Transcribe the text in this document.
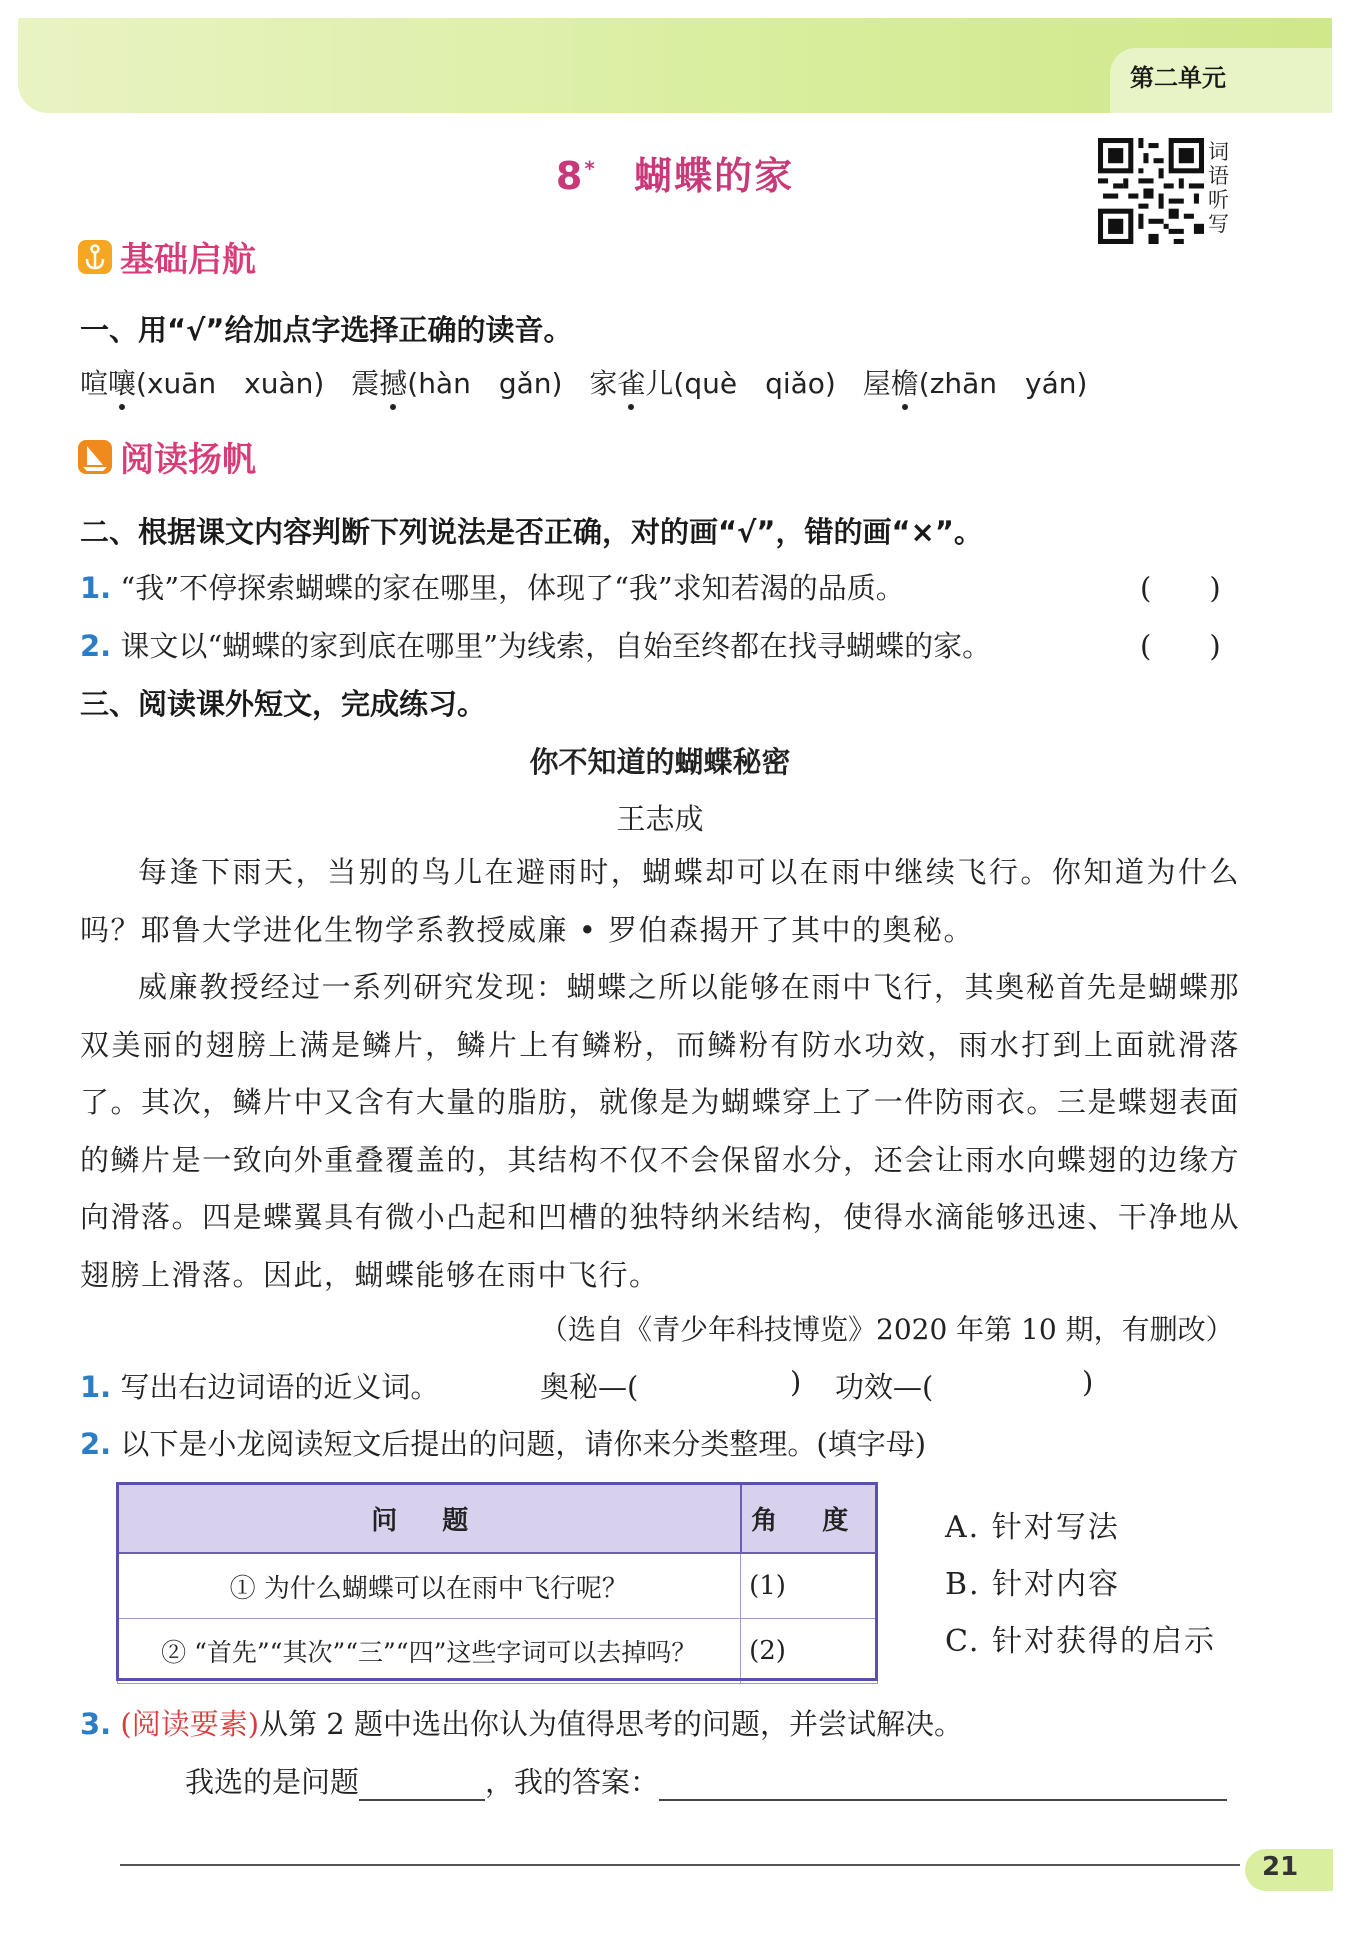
第二单元
8* 蝴蝶的家
词语听写
基础启航
一、用“√”给加点字选择正确的读音。
喧嚷(xuān　xuàn) 震撼(hàn　gǎn) 家雀儿(què　qiǎo) 屋檐(zhān　yán)
阅读扬帆
二、根据课文内容判断下列说法是否正确，对的画“√”，错的画“×”。
1. “我”不停探索蝴蝶的家在哪里，体现了“我”求知若渴的品质。	(　　)
2. 课文以“蝴蝶的家到底在哪里”为线索，自始至终都在找寻蝴蝶的家。	(　　)
三、阅读课外短文，完成练习。
你不知道的蝴蝶秘密
王志成

每逢下雨天，当别的鸟儿在避雨时，蝴蝶却可以在雨中继续飞行。你知道为什么吗？耶鲁大学进化生物学系教授威廉 • 罗伯森揭开了其中的奥秘。

威廉教授经过一系列研究发现：蝴蝶之所以能够在雨中飞行，其奥秘首先是蝴蝶那双美丽的翅膀上满是鳞片，鳞片上有鳞粉，而鳞粉有防水功效，雨水打到上面就滑落了。其次，鳞片中又含有大量的脂肪，就像是为蝴蝶穿上了一件防雨衣。三是蝶翅表面的鳞片是一致向外重叠覆盖的，其结构不仅不会保留水分，还会让雨水向蝶翅的边缘方向滑落。四是蝶翼具有微小凸起和凹槽的独特纳米结构，使得水滴能够迅速、干净地从翅膀上滑落。因此，蝴蝶能够在雨中飞行。

（选自《青少年科技博览》2020 年第 10 期，有删改）
1. 写出右边词语的近义词。	奥秘—(	) 功效—(	)
2. 以下是小龙阅读短文后提出的问题，请你来分类整理。(填字母)
问 题	角 度
① 为什么蝴蝶可以在雨中飞行呢？	(1)
② “首先”“其次”“三”“四”这些字词可以去掉吗？	(2)
A. 针对写法
B. 针对内容
C. 针对获得的启示
3. (阅读要素)从第 2 题中选出你认为值得思考的问题，并尝试解决。
我选的是问题	，我的答案：
21
